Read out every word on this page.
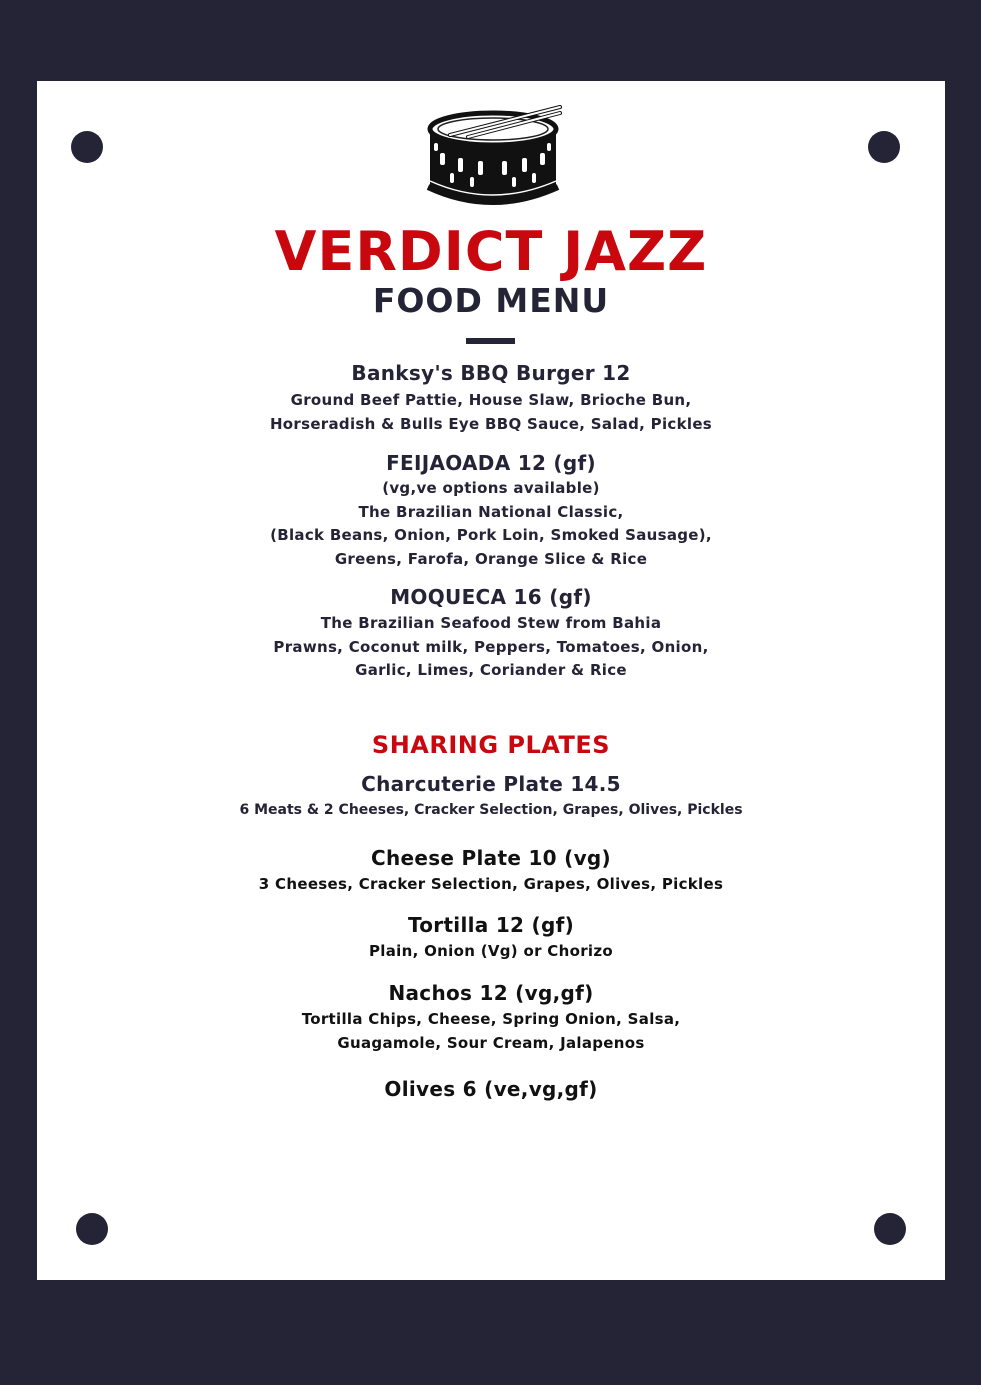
VERDICT JAZZ
FOOD MENU
Banksy's BBQ Burger 12
Ground Beef Pattie, House Slaw, Brioche Bun,
Horseradish & Bulls Eye BBQ Sauce, Salad, Pickles
FEIJAOADA 12 (gf)
(vg,ve options available)
The Brazilian National Classic,
(Black Beans, Onion, Pork Loin, Smoked Sausage),
Greens, Farofa, Orange Slice & Rice
MOQUECA 16 (gf)
The Brazilian Seafood Stew from Bahia
Prawns, Coconut milk, Peppers, Tomatoes, Onion,
Garlic, Limes, Coriander & Rice
SHARING PLATES
Charcuterie Plate 14.5
6 Meats & 2 Cheeses, Cracker Selection, Grapes, Olives, Pickles
Cheese Plate 10 (vg)
3 Cheeses, Cracker Selection, Grapes, Olives, Pickles
Tortilla 12 (gf)
Plain, Onion (Vg) or Chorizo
Nachos 12 (vg,gf)
Tortilla Chips, Cheese, Spring Onion, Salsa,
Guagamole, Sour Cream, Jalapenos
Olives 6 (ve,vg,gf)
